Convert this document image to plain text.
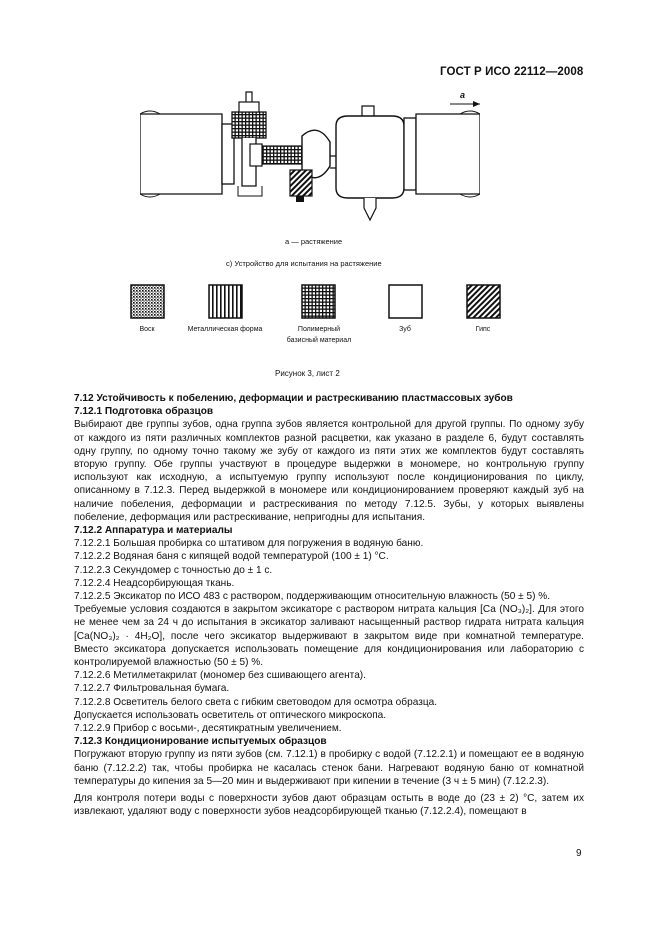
ГОСТ Р ИСО 22112—2008
a
a — растяжение
c) Устройство для испытания на растяжение
Воск	Металлическая форма	Полимерный базисный материал
Зуб	Гипс
Рисунок 3, лист 2

7.12 Устойчивость к побелению, деформации и растрескиванию пластмассовых зубов

7.12.1 Подготовка образцов

Выбирают две группы зубов, одна группа зубов является контрольной для другой группы. По одному зубу от каждого из пяти различных комплектов разной расцветки, как указано в разделе 6, будут составлять одну группу, по одному точно такому же зубу от каждого из пяти этих же комплектов будут составлять вторую группу. Обе группы участвуют в процедуре выдержки в мономере, но контрольную группу используют как исходную, а испытуемую группу используют после кондиционирования по циклу, описанному в 7.12.3. Перед выдержкой в мономере или кондиционированием проверяют каждый зуб на наличие побеления, деформации и растрескивания по методу 7.12.5. Зубы, у которых выявлены побеление, деформация или растрескивание, непригодны для испытания.

7.12.2 Аппаратура и материалы

7.12.2.1 Большая пробирка со штативом для погружения в водяную баню.

7.12.2.2 Водяная баня с кипящей водой температурой (100 ± 1) °С.

7.12.2.3 Секундомер с точностью до ± 1 с.

7.12.2.4 Неадсорбирующая ткань.

7.12.2.5 Эксикатор по ИСО 483 с раствором, поддерживающим относительную влажность (50 ± 5) %.

Требуемые условия создаются в закрытом эксикаторе с раствором нитрата кальция [Ca (NO₃)₂]. Для этого не менее чем за 24 ч до испытания в эксикатор заливают насыщенный раствор гидрата нитрата кальция [Ca(NO₃)₂ · 4H₂O], после чего эксикатор выдерживают в закрытом виде при комнатной температуре. Вместо эксикатора допускается использовать помещение для кондиционирования или лабораторию с контролируемой влажностью (50 ± 5) %.

7.12.2.6 Метилметакрилат (мономер без сшивающего агента).

7.12.2.7 Фильтровальная бумага.

7.12.2.8 Осветитель белого света с гибким световодом для осмотра образца.

Допускается использовать осветитель от оптического микроскопа.

7.12.2.9 Прибор с восьми-, десятикратным увеличением.

7.12.3 Кондиционирование испытуемых образцов

Погружают вторую группу из пяти зубов (см. 7.12.1) в пробирку с водой (7.12.2.1) и помещают ее в водяную баню (7.12.2.2) так, чтобы пробирка не касалась стенок бани. Нагревают водяную баню от комнатной температуры до кипения за 5—20 мин и выдерживают при кипении в течение (3 ч ± 5 мин) (7.12.2.3).

Для контроля потери воды с поверхности зубов дают образцам остыть в воде до (23 ± 2) °С, затем их извлекают, удаляют воду с поверхности зубов неадсорбирующей тканью (7.12.2.4), помещают в

9
